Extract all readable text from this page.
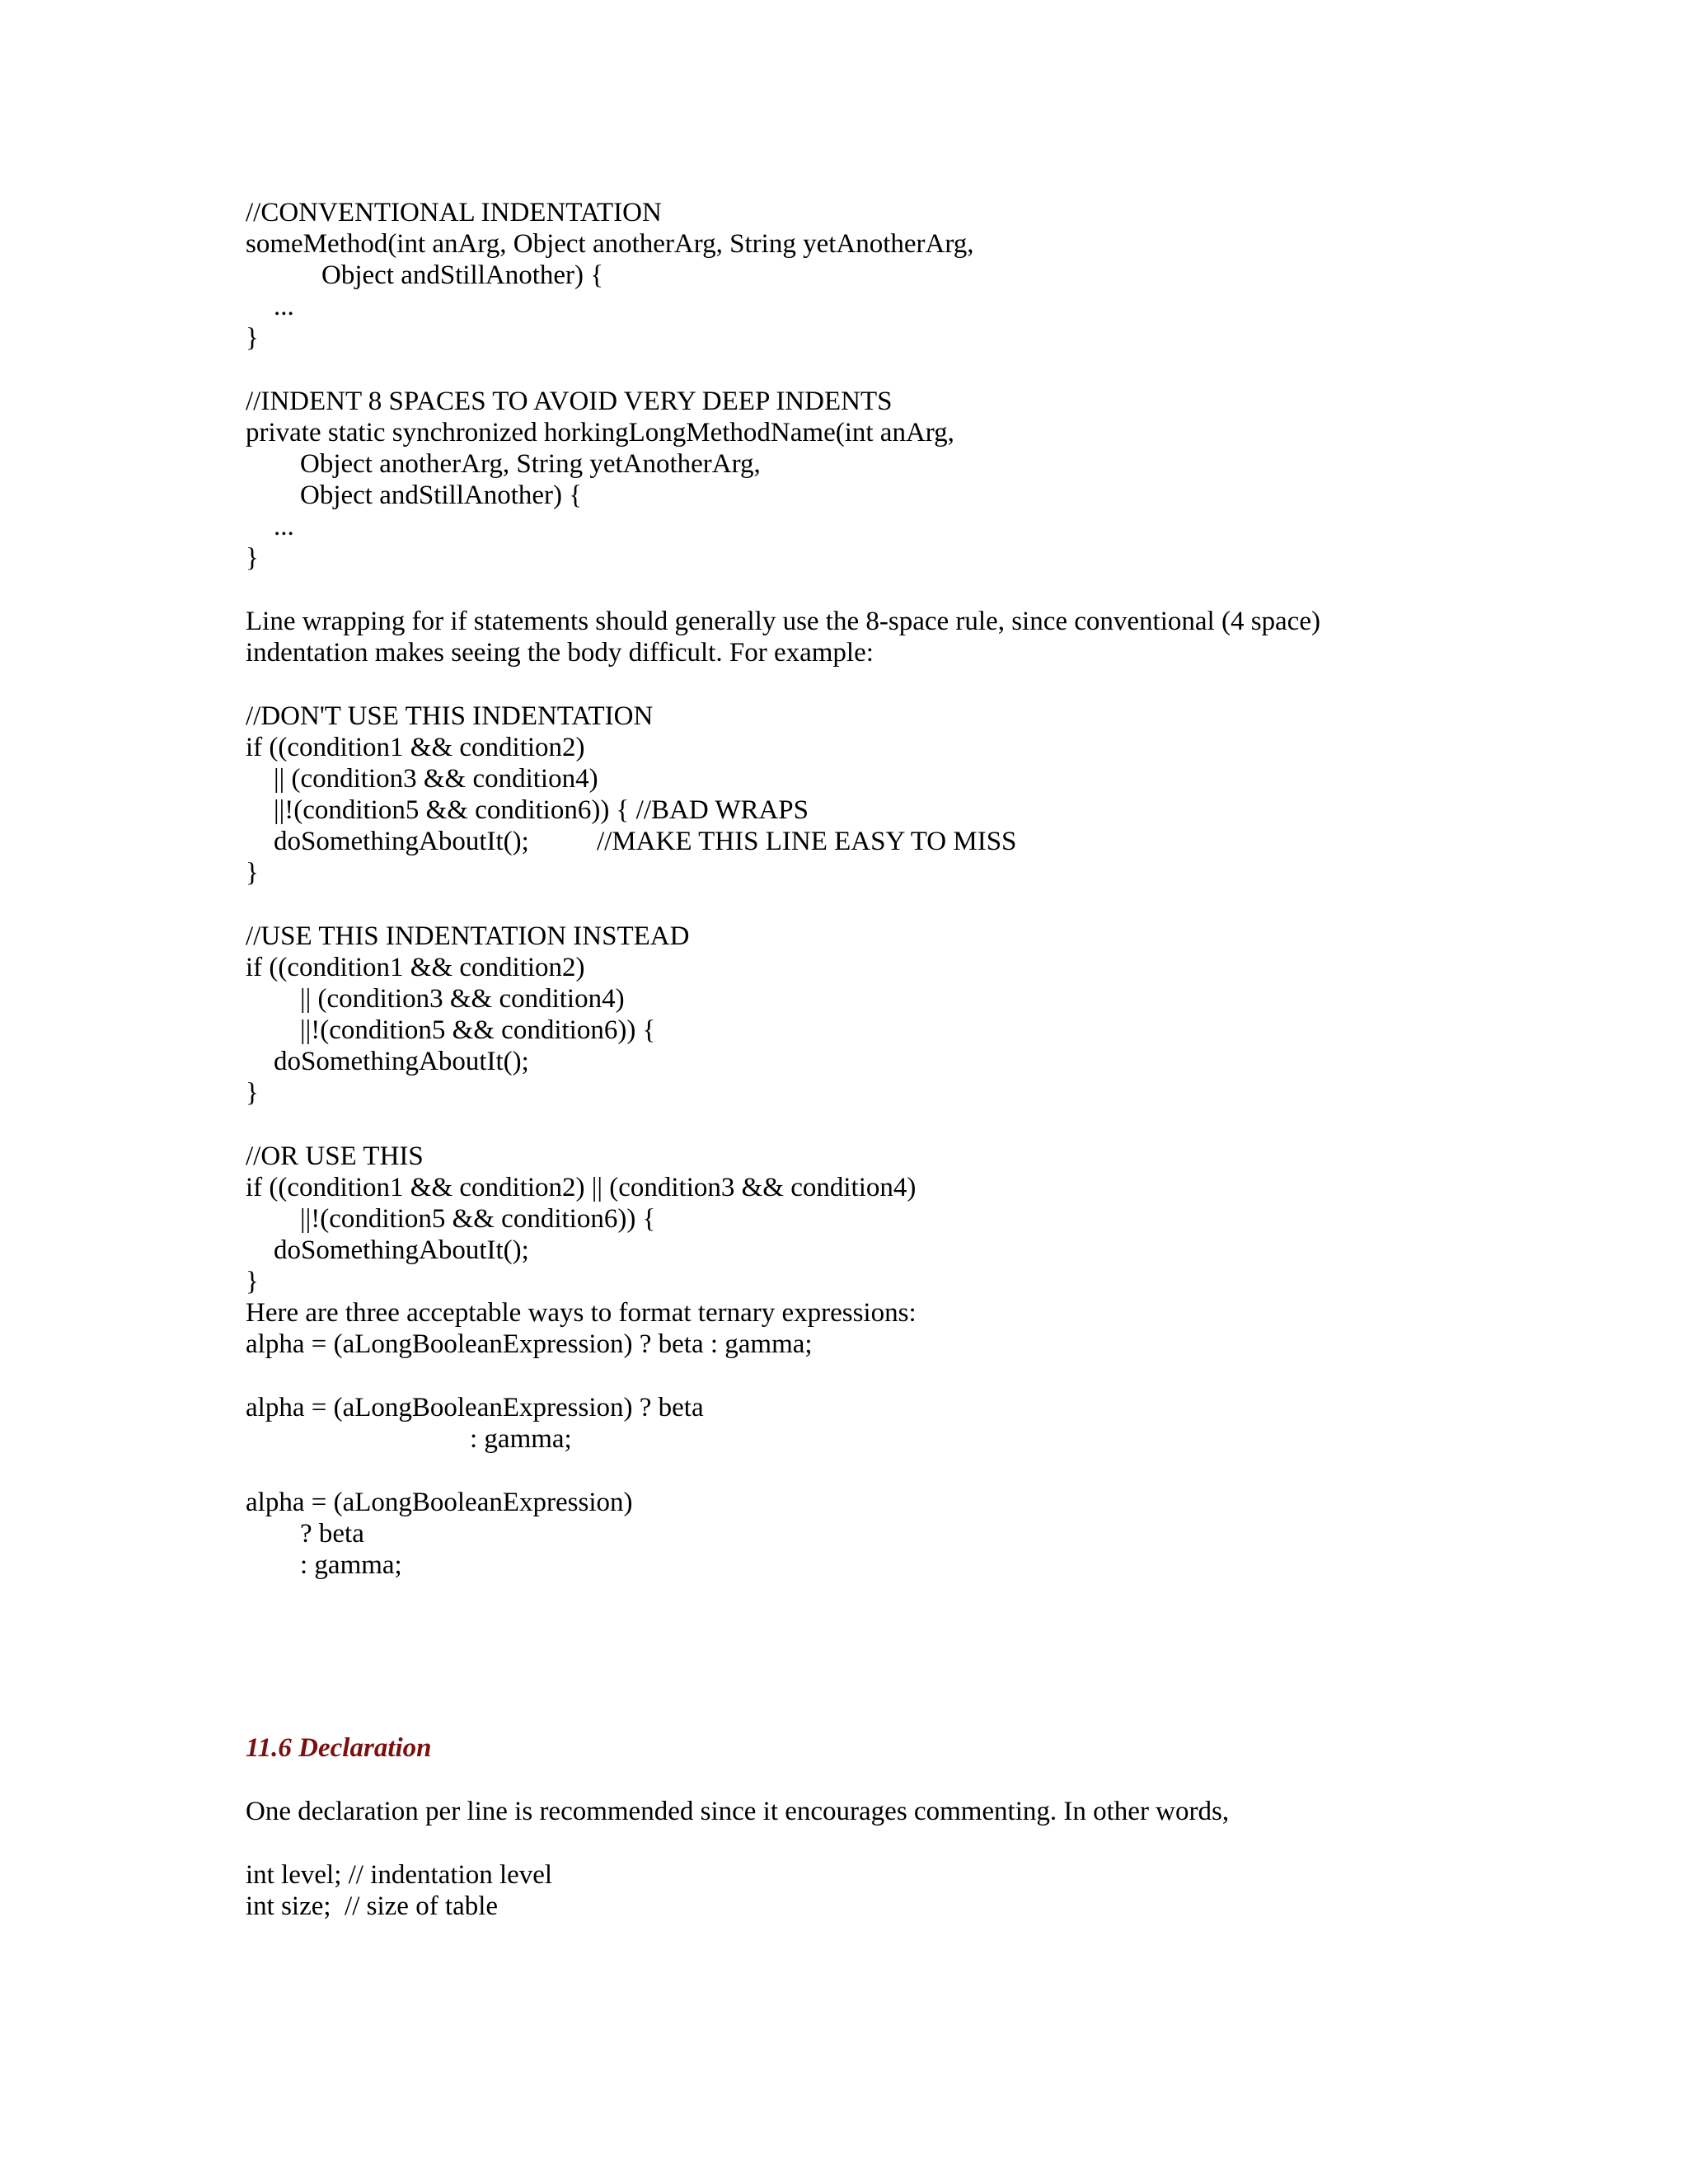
//CONVENTIONAL INDENTATION
someMethod(int anArg, Object anotherArg, String yetAnotherArg,
Object andStillAnother) {
...
}
//INDENT 8 SPACES TO AVOID VERY DEEP INDENTS
private static synchronized horkingLongMethodName(int anArg,
Object anotherArg, String yetAnotherArg,
Object andStillAnother) {
...
}
Line wrapping for if statements should generally use the 8-space rule, since conventional (4 space)
indentation makes seeing the body difficult. For example:
//DON'T USE THIS INDENTATION
if ((condition1 && condition2)
|| (condition3 && condition4)
||!(condition5 && condition6)) { //BAD WRAPS
doSomethingAboutIt(); //MAKE THIS LINE EASY TO MISS
}
//USE THIS INDENTATION INSTEAD
if ((condition1 && condition2)
|| (condition3 && condition4)
||!(condition5 && condition6)) {
doSomethingAboutIt();
}
//OR USE THIS
if ((condition1 && condition2) || (condition3 && condition4)
||!(condition5 && condition6)) {
doSomethingAboutIt();
}
Here are three acceptable ways to format ternary expressions:
alpha = (aLongBooleanExpression) ? beta : gamma;
alpha = (aLongBooleanExpression) ? beta
: gamma;
alpha = (aLongBooleanExpression)
? beta
: gamma;
11.6 Declaration
One declaration per line is recommended since it encourages commenting. In other words,
int level; // indentation level
int size;  // size of table
